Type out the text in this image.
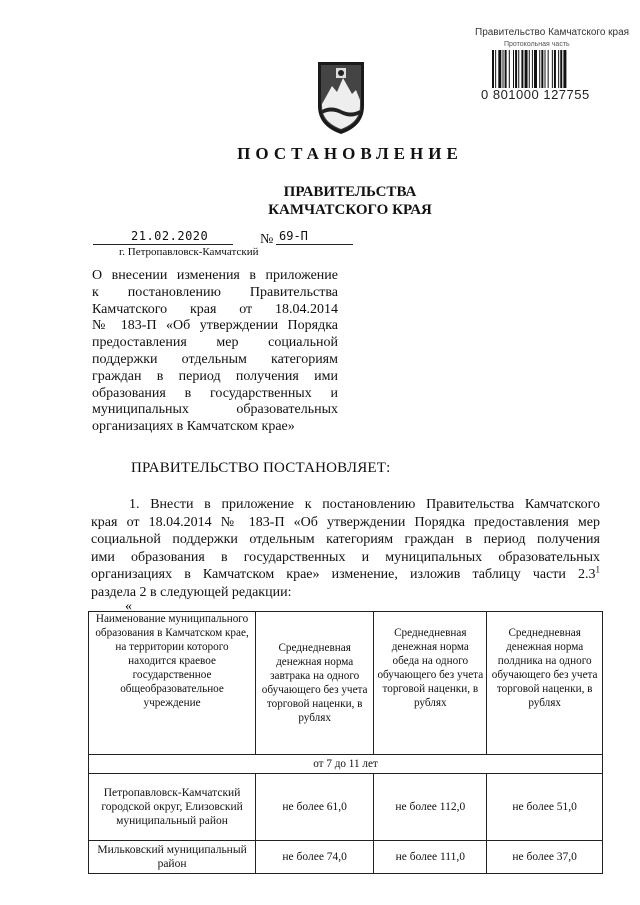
Правительство Камчатского края
Протокольная часть
0 801000 127755
ПОСТАНОВЛЕНИЕ
ПРАВИТЕЛЬСТВА
КАМЧАТСКОГО КРАЯ
21.02.2020	№ 69-П
г. Петропавловск-Камчатский
О внесении изменения в приложение
к постановлению Правительства
Камчатского края от 18.04.2014
№ 183-П «Об утверждении Порядка
предоставления мер социальной
поддержки отдельным категориям
граждан в период получения ими
образования в государственных и
муниципальных образовательных
организациях в Камчатском крае»
ПРАВИТЕЛЬСТВО ПОСТАНОВЛЯЕТ:
1. Внести в приложение к постановлению Правительства Камчатского
края от 18.04.2014 № 183-П «Об утверждении Порядка предоставления мер
социальной поддержки отдельным категориям граждан в период получения
ими образования в государственных и муниципальных образовательных
организациях в Камчатском крае» изменение, изложив таблицу части $2.3^1$
раздела 2 в следующей редакции:
«
Наименование муниципального образования в Камчатском крае, на территории которого находится краевое государственное общеобразовательное учреждение	Среднедневная денежная норма завтрака на одного обучающего без учета торговой наценки, в рублях	Среднедневная денежная норма обеда на одного обучающего без учета торговой наценки, в рублях	Среднедневная денежная норма полдника на одного обучающего без учета торговой наценки, в рублях
от 7 до 11 лет			
Петропавловск-Камчатский городской округ, Елизовский муниципальный район	не более 61,0	не более 112,0	не более 51,0
Мильковский муниципальный район	не более 74,0	не более 111,0	не более 37,0
